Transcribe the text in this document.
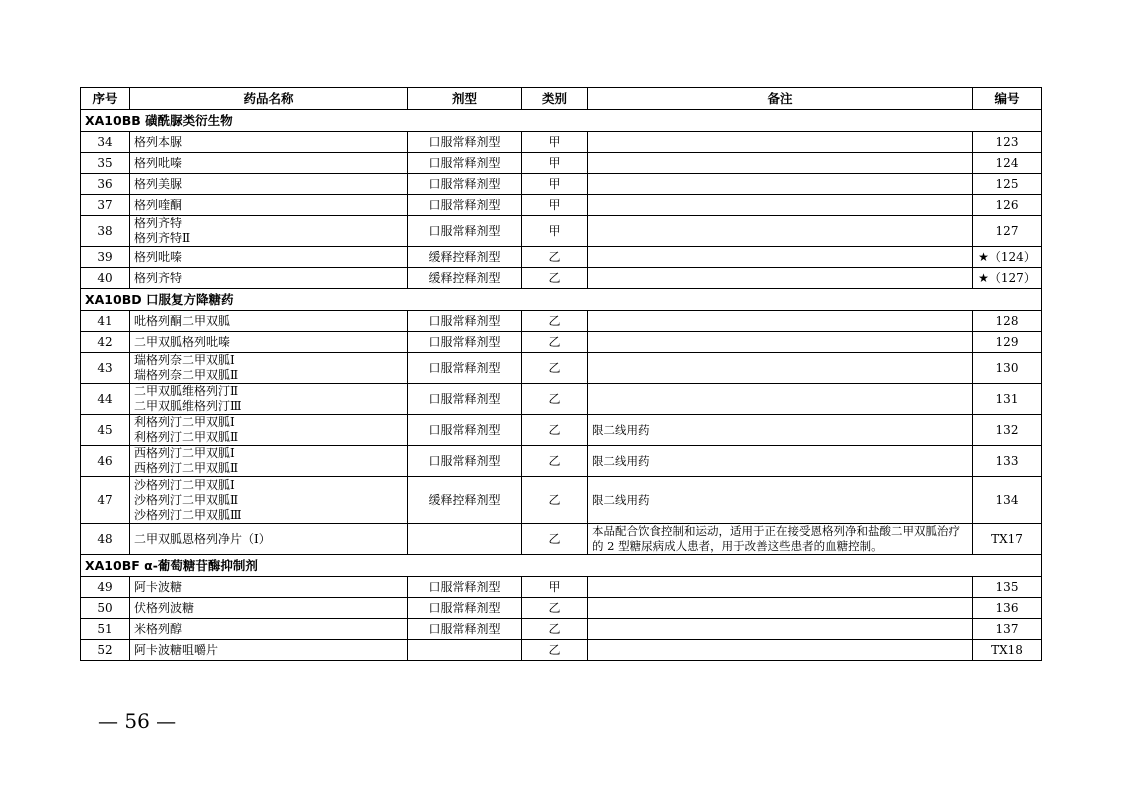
序号	药品名称	剂型	类别	备注	编号
XA10BB 磺酰脲类衍生物					
34	格列本脲	口服常释剂型	甲		123
35	格列吡嗪	口服常释剂型	甲		124
36	格列美脲	口服常释剂型	甲		125
37	格列喹酮	口服常释剂型	甲		126
38	格列齐特
格列齐特Ⅱ	口服常释剂型	甲		127
39	格列吡嗪	缓释控释剂型	乙		★（124）
40	格列齐特	缓释控释剂型	乙		★（127）
XA10BD 口服复方降糖药					
41	吡格列酮二甲双胍	口服常释剂型	乙		128
42	二甲双胍格列吡嗪	口服常释剂型	乙		129
43	瑞格列奈二甲双胍Ⅰ
瑞格列奈二甲双胍Ⅱ	口服常释剂型	乙		130
44	二甲双胍维格列汀Ⅱ
二甲双胍维格列汀Ⅲ	口服常释剂型	乙		131
45	利格列汀二甲双胍Ⅰ
利格列汀二甲双胍Ⅱ	口服常释剂型	乙	限二线用药	132
46	西格列汀二甲双胍Ⅰ
西格列汀二甲双胍Ⅱ	口服常释剂型	乙	限二线用药	133
47	沙格列汀二甲双胍Ⅰ
沙格列汀二甲双胍Ⅱ
沙格列汀二甲双胍Ⅲ	缓释控释剂型	乙	限二线用药	134
48	二甲双胍恩格列净片（Ⅰ）		乙	本品配合饮食控制和运动，适用于正在接受恩格列净和盐酸二甲双胍治疗的 2 型糖尿病成人患者，用于改善这些患者的血糖控制。	TX17
XA10BF α-葡萄糖苷酶抑制剂					
49	阿卡波糖	口服常释剂型	甲		135
50	伏格列波糖	口服常释剂型	乙		136
51	米格列醇	口服常释剂型	乙		137
52	阿卡波糖咀嚼片		乙		TX18
— 56 —
